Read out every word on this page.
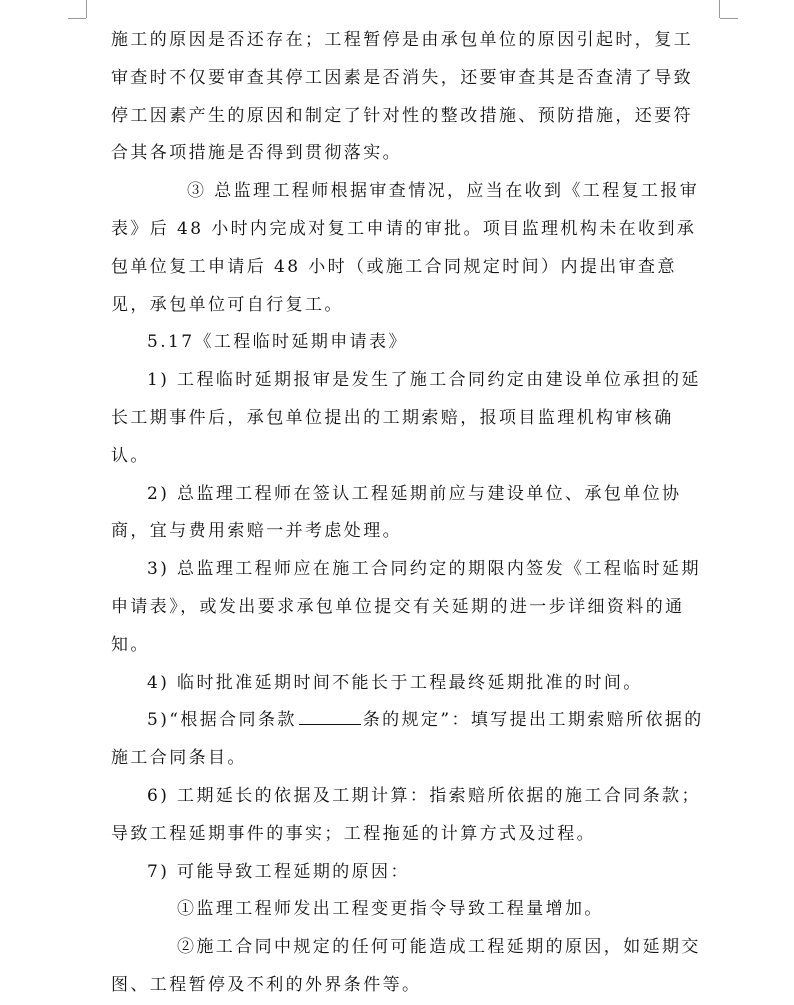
施工的原因是否还存在；工程暂停是由承包单位的原因引起时，复工审查时不仅要审查其停工因素是否消失，还要审查其是否查清了导致停工因素产生的原因和制定了针对性的整改措施、预防措施，还要符合其各项措施是否得到贯彻落实。

③ 总监理工程师根据审查情况，应当在收到《工程复工报审表》后 48 小时内完成对复工申请的审批。项目监理机构未在收到承包单位复工申请后 48 小时（或施工合同规定时间）内提出审查意见，承包单位可自行复工。

5.17《工程临时延期申请表》

1) 工程临时延期报审是发生了施工合同约定由建设单位承担的延长工期事件后，承包单位提出的工期索赔，报项目监理机构审核确认。

2) 总监理工程师在签认工程延期前应与建设单位、承包单位协商，宜与费用索赔一并考虑处理。

3) 总监理工程师应在施工合同约定的期限内签发《工程临时延期申请表》，或发出要求承包单位提交有关延期的进一步详细资料的通知。

4) 临时批准延期时间不能长于工程最终延期批准的时间。

5)“根据合同条款	条的规定”：填写提出工期索赔所依据的施工合同条目。

6) 工期延长的依据及工期计算：指索赔所依据的施工合同条款；导致工程延期事件的事实；工程拖延的计算方式及过程。

7) 可能导致工程延期的原因：

①监理工程师发出工程变更指令导致工程量增加。

②施工合同中规定的任何可能造成工程延期的原因，如延期交图、工程暂停及不利的外界条件等。
